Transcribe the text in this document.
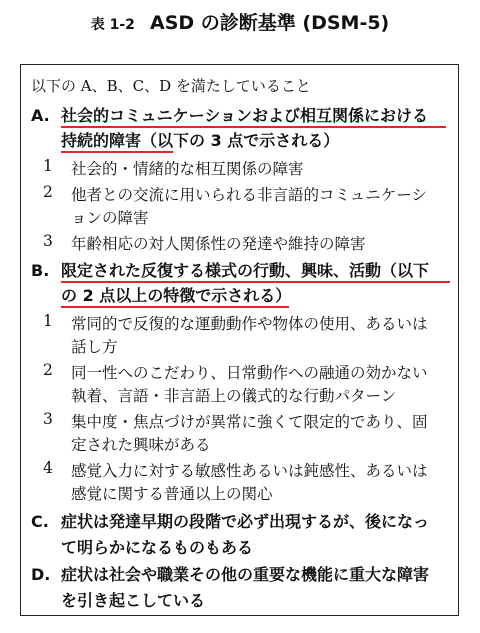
表 1-2 ASD の診断基準 (DSM-5)
以下の A、B、C、D を満たしていること
A. 社会的コミュニケーションおよび相互関係における
持続的障害（以下の 3 点で示される）
1 社会的・情緒的な相互関係の障害
2 他者との交流に用いられる非言語的コミュニケーシ
ョンの障害
3 年齢相応の対人関係性の発達や維持の障害
B. 限定された反復する様式の行動、興味、活動（以下
の 2 点以上の特徴で示される）
1 常同的で反復的な運動動作や物体の使用、あるいは
話し方
2 同一性へのこだわり、日常動作への融通の効かない
執着、言語・非言語上の儀式的な行動パターン
3 集中度・焦点づけが異常に強くて限定的であり、固
定された興味がある
4 感覚入力に対する敏感性あるいは鈍感性、あるいは
感覚に関する普通以上の関心
C. 症状は発達早期の段階で必ず出現するが、後になっ
て明らかになるものもある
D. 症状は社会や職業その他の重要な機能に重大な障害
を引き起こしている
